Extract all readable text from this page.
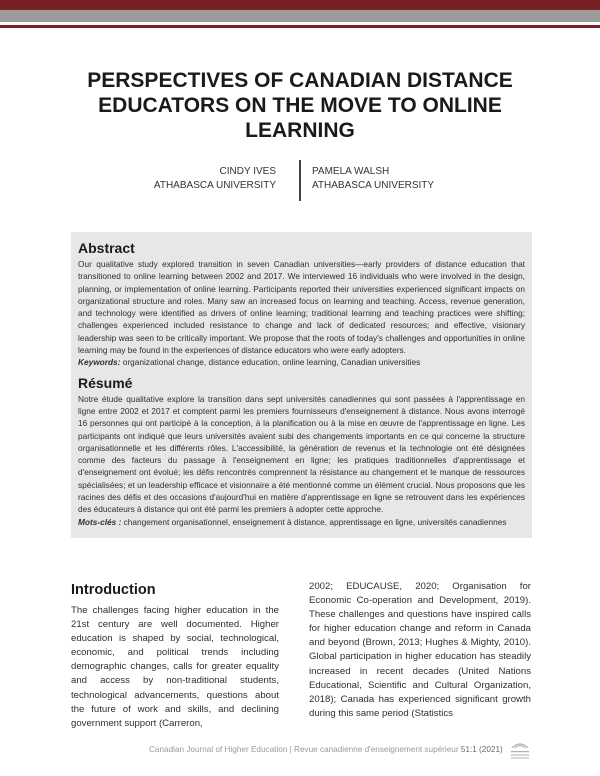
PERSPECTIVES OF CANADIAN DISTANCE EDUCATORS ON THE MOVE TO ONLINE LEARNING
CINDY IVES
ATHABASCA UNIVERSITY
PAMELA WALSH
ATHABASCA UNIVERSITY
Abstract

Our qualitative study explored transition in seven Canadian universities—early providers of distance education that transitioned to online learning between 2002 and 2017. We interviewed 16 individuals who were involved in the design, planning, or implementation of online learning. Participants reported their universities experienced significant impacts on organizational structure and roles. Many saw an increased focus on learning and teaching. Access, revenue generation, and technology were identified as drivers of online learning; traditional learning and teaching practices were shifting; challenges experienced included resistance to change and lack of dedicated resources; and effective, visionary leadership was seen to be critically important. We propose that the roots of today's challenges and opportunities in online learning may be found in the experiences of distance educators who were early adopters.

Keywords: organizational change, distance education, online learning, Canadian universities

Résumé

Notre étude qualitative explore la transition dans sept universités canadiennes qui sont passées à l'apprentissage en ligne entre 2002 et 2017 et comptent parmi les premiers fournisseurs d'enseignement à distance. Nous avons interrogé 16 personnes qui ont participé à la conception, à la planification ou à la mise en œuvre de l'apprentissage en ligne. Les participants ont indiqué que leurs universités avaient subi des changements importants en ce qui concerne la structure organisationnelle et les différents rôles. L'accessibilité, la génération de revenus et la technologie ont été désignées comme des facteurs du passage à l'enseignement en ligne; les pratiques traditionnelles d'apprentissage et d'enseignement ont évolué; les défis rencontrés comprennent la résistance au changement et le manque de ressources spécialisées; et un leadership efficace et visionnaire a été mentionné comme un élément crucial. Nous proposons que les racines des défis et des occasions d'aujourd'hui en matière d'apprentissage en ligne se retrouvent dans les expériences des éducateurs à distance qui ont été parmi les premiers à adopter cette approche.

Mots-clés : changement organisationnel, enseignement à distance, apprentissage en ligne, universités canadiennes

Introduction

The challenges facing higher education in the 21st century are well documented. Higher education is shaped by social, technological, economic, and political trends including demographic changes, calls for greater equality and access by non-traditional students, technological advancements, questions about the future of work and skills, and declining government support (Carreron,

2002; EDUCAUSE, 2020; Organisation for Economic Co-operation and Development, 2019). These challenges and questions have inspired calls for higher education change and reform in Canada and beyond (Brown, 2013; Hughes & Mighty, 2010). Global participation in higher education has steadily increased in recent decades (United Nations Educational, Scientific and Cultural Organization, 2018); Canada has experienced significant growth during this same period (Statistics

Canadian Journal of Higher Education | Revue canadienne d'enseignement supérieur 51:1 (2021)
